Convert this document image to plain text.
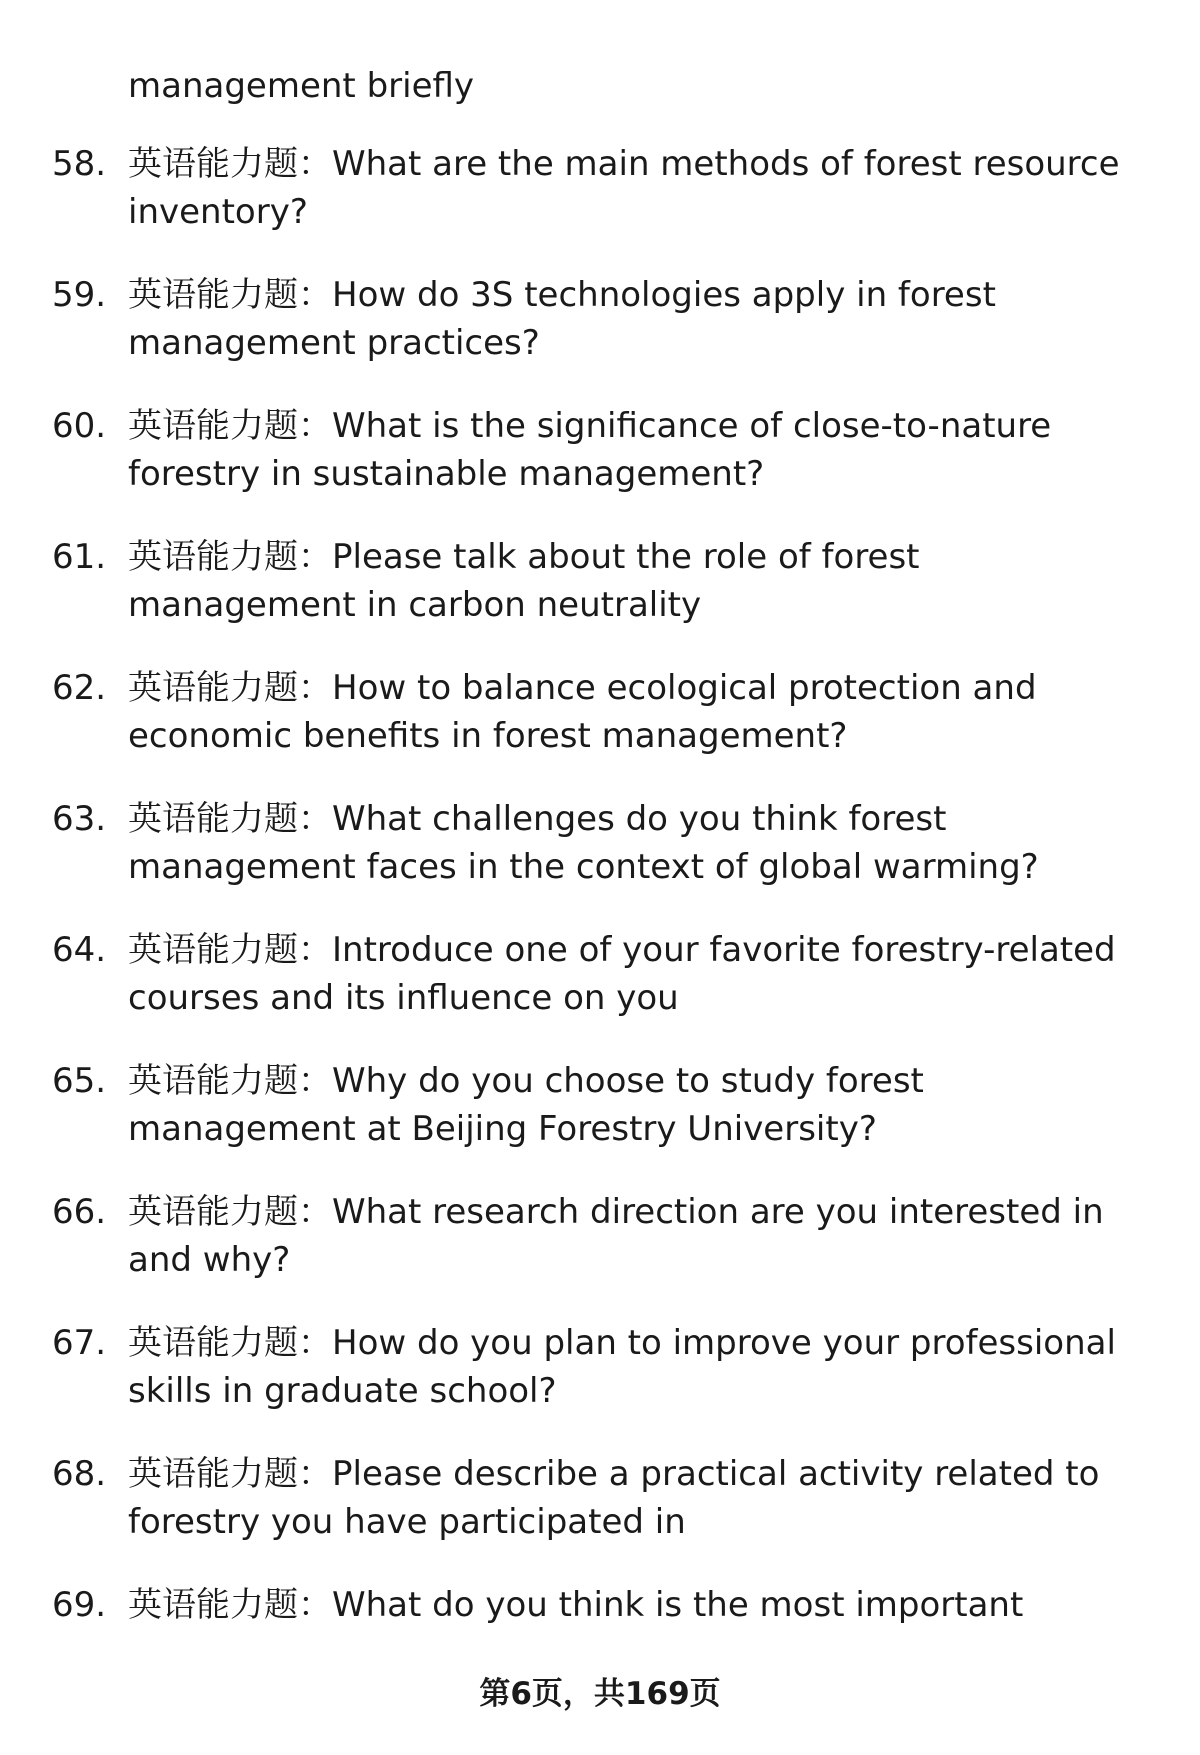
management briefly

58. 英语能力题：What are the main methods of forest resource inventory?
59. 英语能力题：How do 3S technologies apply in forest management practices?
60. 英语能力题：What is the significance of close-to-nature forestry in sustainable management?
61. 英语能力题：Please talk about the role of forest management in carbon neutrality
62. 英语能力题：How to balance ecological protection and economic benefits in forest management?
63. 英语能力题：What challenges do you think forest management faces in the context of global warming?
64. 英语能力题：Introduce one of your favorite forestry-related courses and its influence on you
65. 英语能力题：Why do you choose to study forest management at Beijing Forestry University?
66. 英语能力题：What research direction are you interested in and why?
67. 英语能力题：How do you plan to improve your professional skills in graduate school?
68. 英语能力题：Please describe a practical activity related to forestry you have participated in
69. 英语能力题：What do you think is the most important
第6页，共169页
